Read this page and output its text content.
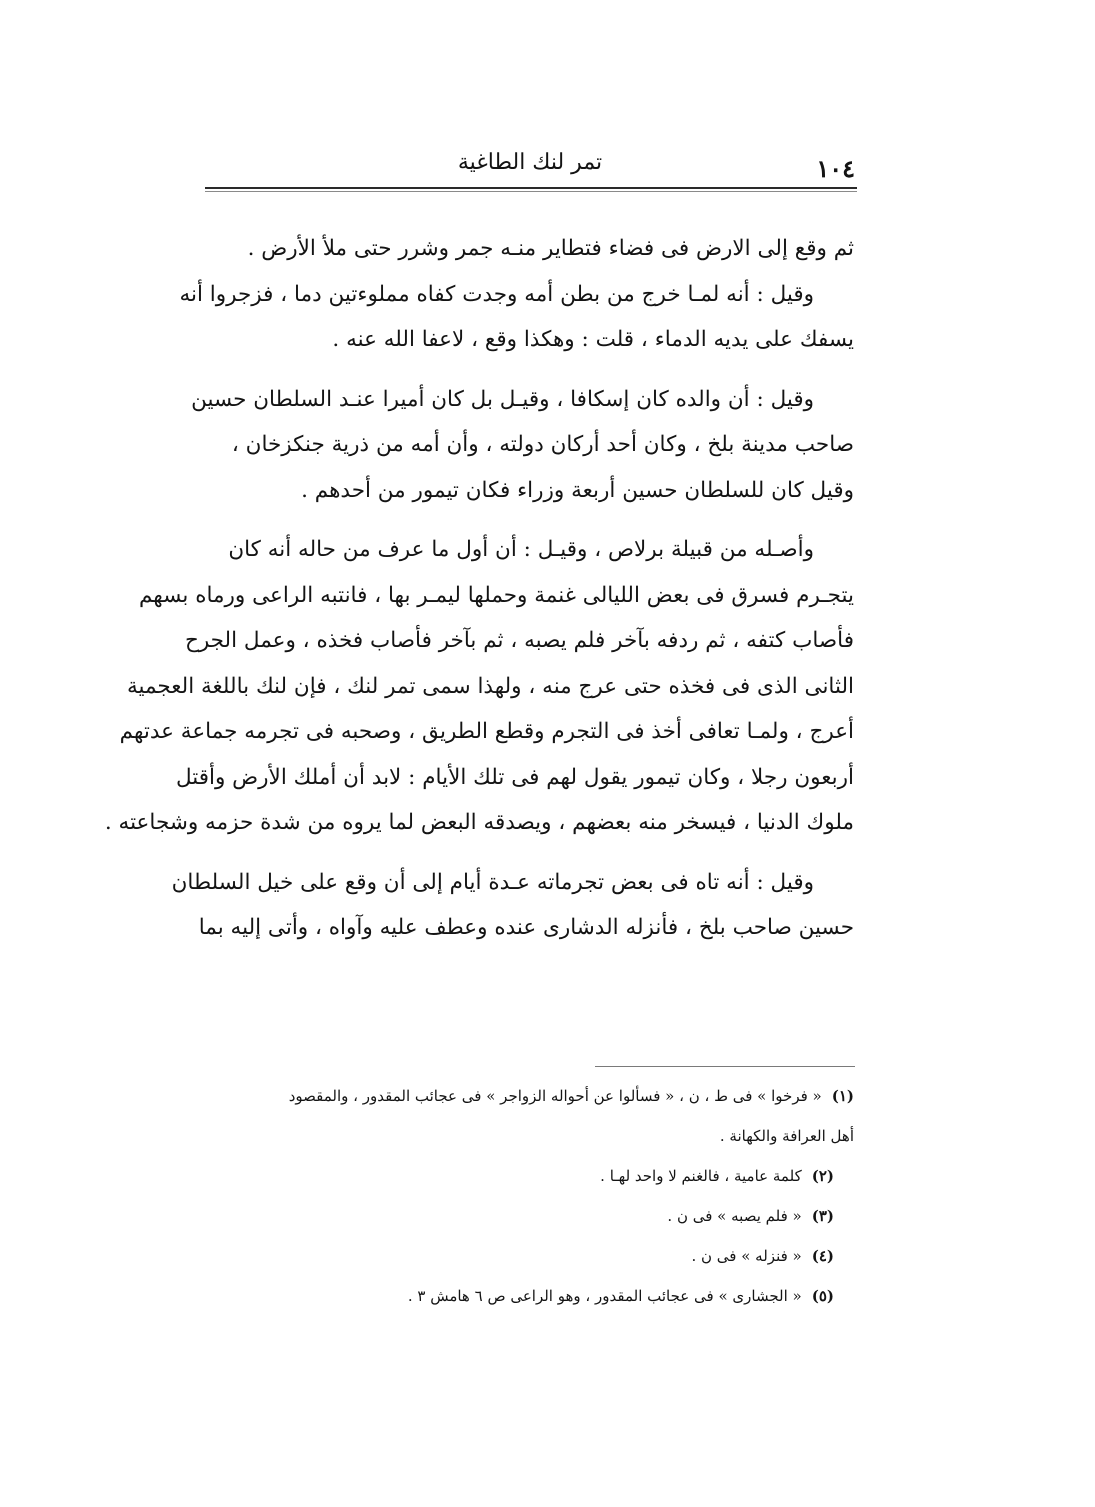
١٠٤
تمر لنك الطاغية
ثم وقع إلى الارض فى فضاء فتطاير منـه جمر وشرر حتى ملأ الأرض .
وقيل : أنه لمـا خرج من بطن أمه وجدت كفاه مملوءتين دما ، فزجروا أنه
يسفك على يديه الدماء ، قلت : وهكذا وقع ، لاعفا الله عنه .
وقيل : أن والده كان إسكافا ، وقيـل بل كان أميرا عنـد السلطان حسين
صاحب مدينة بلخ ، وكان أحد أركان دولته ، وأن أمه من ذرية جنكزخان ،
وقيل كان للسلطان حسين أربعة وزراء فكان تيمور من أحدهم .
وأصـله من قبيلة برلاص ، وقيـل : أن أول ما عرف من حاله أنه كان
يتجـرم فسرق فى بعض الليالى غنمة وحملها ليمـر بها ، فانتبه الراعى ورماه بسهم
فأصاب كتفه ، ثم ردفه بآخر فلم يصبه ، ثم بآخر فأصاب فخذه ، وعمل الجرح
الثانى الذى فى فخذه حتى عرج منه ، ولهذا سمى تمر لنك ، فإن لنك باللغة العجمية
أعرج ، ولمـا تعافى أخذ فى التجرم وقطع الطريق ، وصحبه فى تجرمه جماعة عدتهم
أربعون رجلا ، وكان تيمور يقول لهم فى تلك الأيام : لابد أن أملك الأرض وأقتل
ملوك الدنيا ، فيسخر منه بعضهم ، ويصدقه البعض لما يروه من شدة حزمه وشجاعته .
وقيل : أنه تاه فى بعض تجرماته عـدة أيام إلى أن وقع على خيل السلطان
حسين صاحب بلخ ، فأنزله الدشارى عنده وعطف عليه وآواه ، وأتى إليه بما
(١)« فرخوا » فى ط ، ن ، « فسألوا عن أحواله الزواجر » فى عجائب المقدور ، والمقصود
أهل العرافة والكهانة .
(٢)كلمة عامية ، فالغنم لا واحد لهـا .
(٣)« فلم يصبه » فى ن .
(٤)« فنزله » فى ن .
(٥)« الجشارى » فى عجائب المقدور ، وهو الراعى ص ٦ هامش ٣ .
